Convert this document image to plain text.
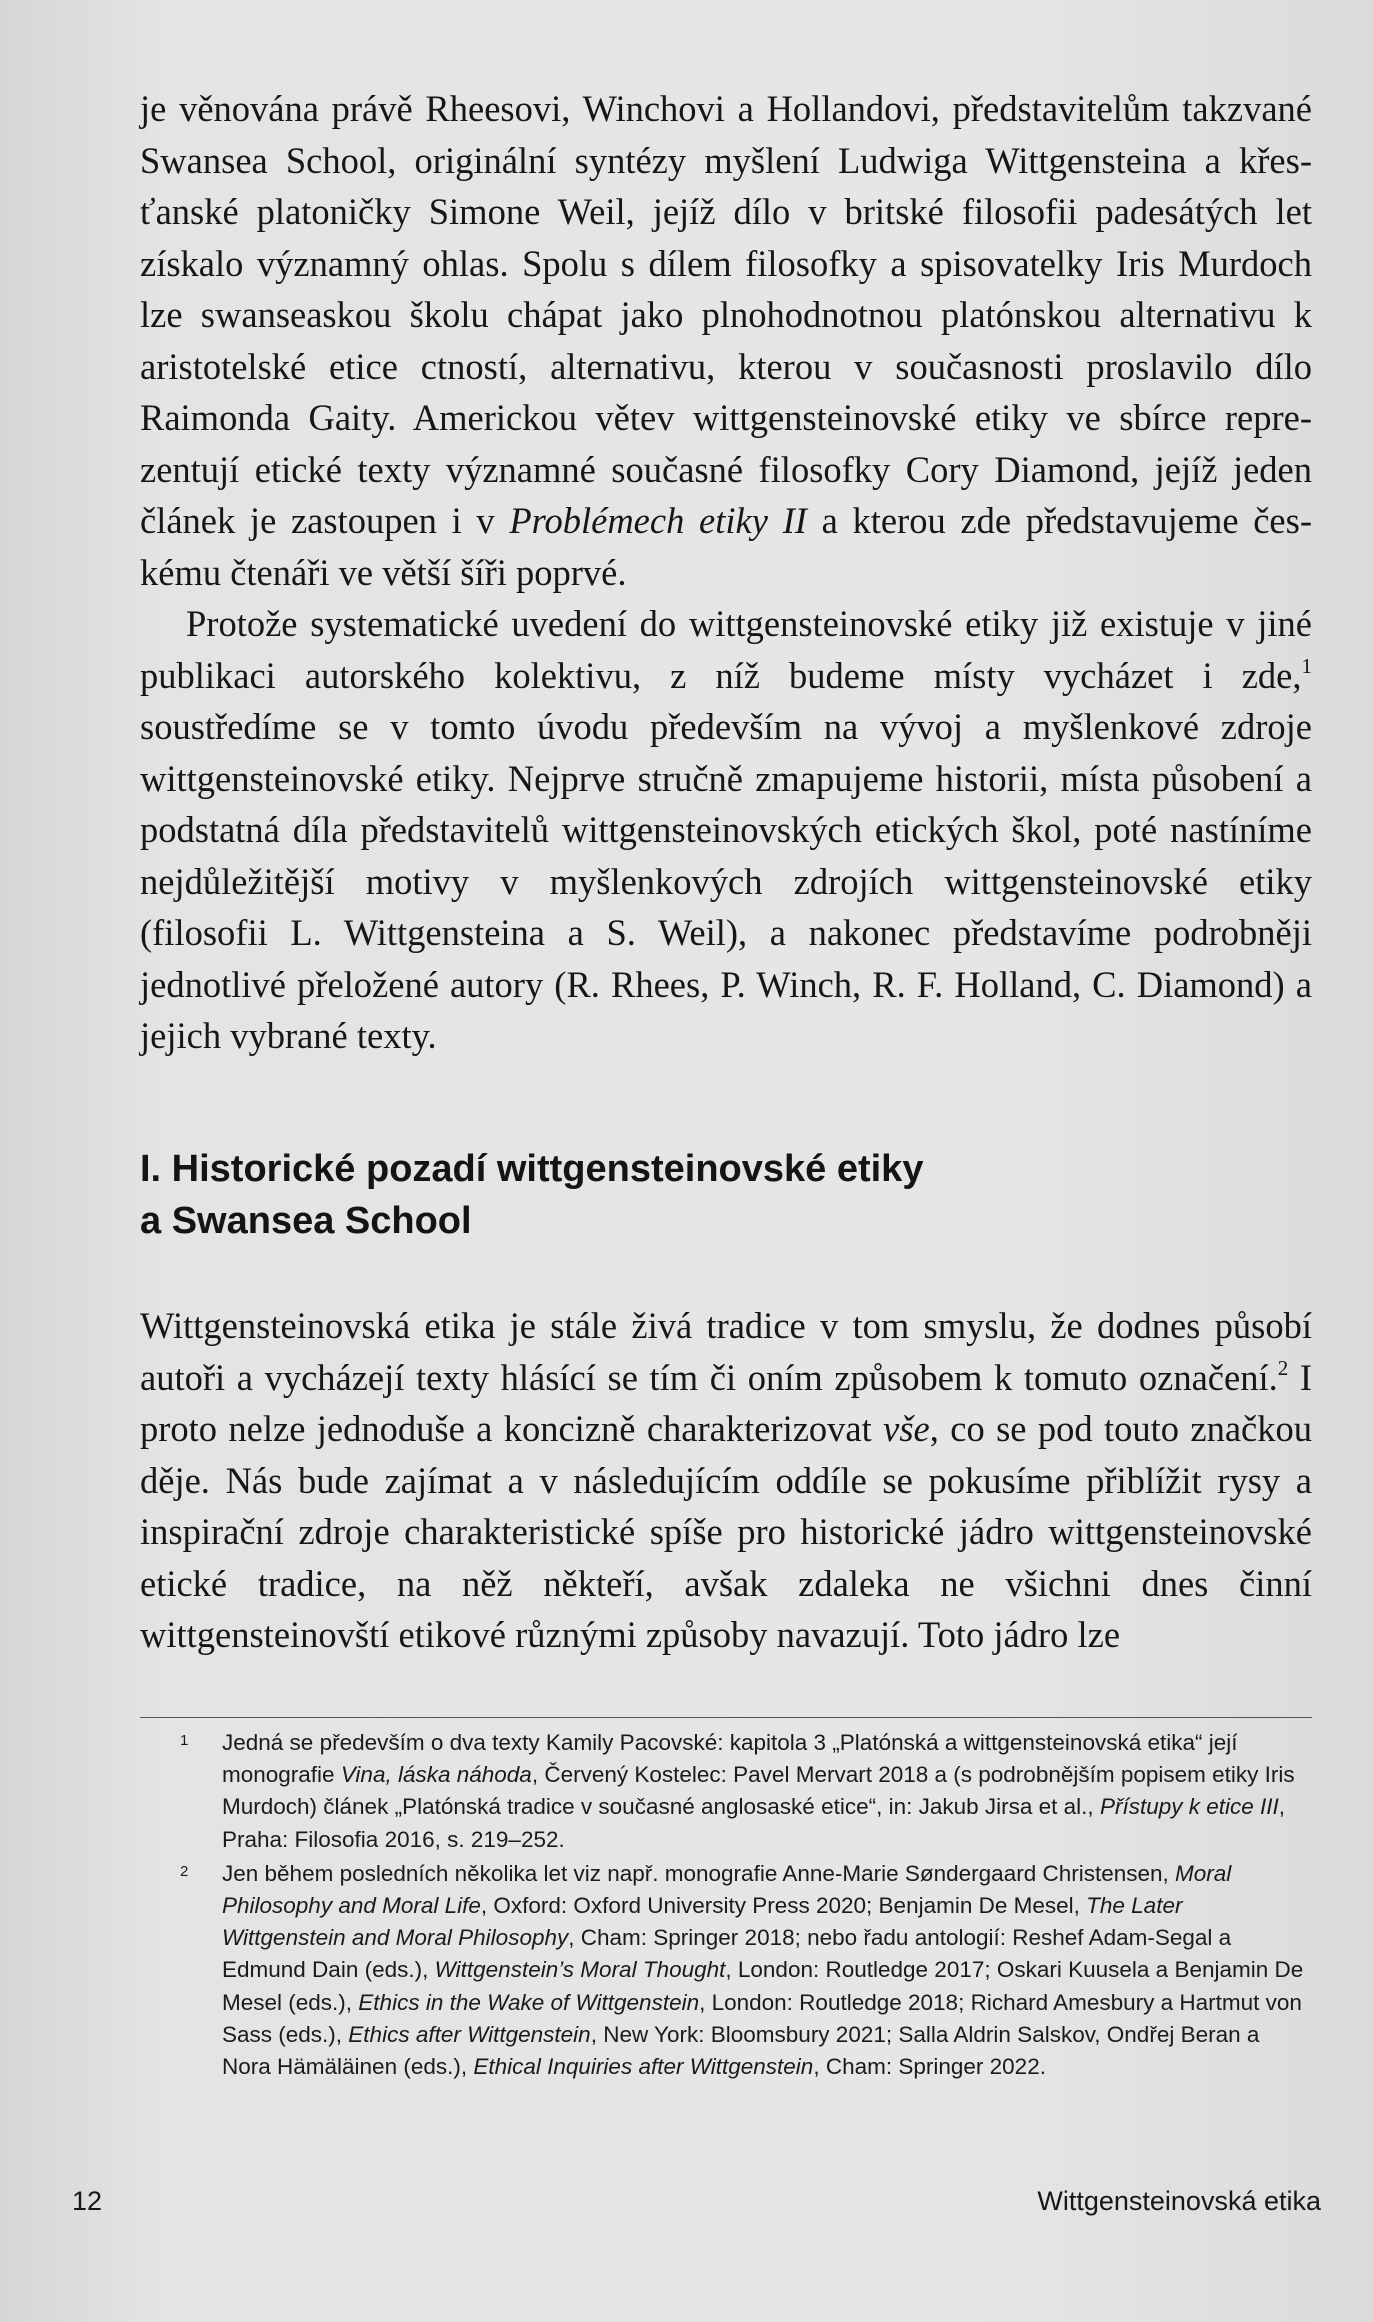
je věnována právě Rheesovi, Winchovi a Hollandovi, představitelům takzvané Swansea School, originální syntézy myšlení Ludwiga Wittgensteina a křesťanské platoničky Simone Weil, jejíž dílo v britské filosofii padesátých let získalo významný ohlas. Spolu s dílem filosofky a spisovatelky Iris Murdoch lze swanseaskou školu chápat jako plnohodnotnou platónskou alternativu k aristotelské etice ctností, alternativu, kterou v současnosti proslavilo dílo Raimonda Gaity. Americkou větev wittgensteinovské etiky ve sbírce reprezentují etické texty významné současné filosofky Cory Diamond, jejíž jeden článek je zastoupen i v Problémech etiky II a kterou zde představujeme českému čtenáři ve větší šíři poprvé.

Protože systematické uvedení do wittgensteinovské etiky již existuje v jiné publikaci autorského kolektivu, z níž budeme místy vycházet i zde,$^1$ soustředíme se v tomto úvodu především na vývoj a myšlenkové zdroje wittgensteinovské etiky. Nejprve stručně zmapujeme historii, místa působení a podstatná díla představitelů wittgensteinovských etických škol, poté nastíníme nejdůležitější motivy v myšlenkových zdrojích wittgensteinovské etiky (filosofii L. Wittgensteina a S. Weil), a nakonec představíme podrobněji jednotlivé přeložené autory (R. Rhees, P. Winch, R. F. Holland, C. Diamond) a jejich vybrané texty.

I. Historické pozadí wittgensteinovské etiky
a Swansea School

Wittgensteinovská etika je stále živá tradice v tom smyslu, že dodnes působí autoři a vycházejí texty hlásící se tím či oním způsobem k tomuto označení.$^2$ I proto nelze jednoduše a koncizně charakterizovat vše, co se pod touto značkou děje. Nás bude zajímat a v následujícím oddíle se pokusíme přiblížit rysy a inspirační zdroje charakteristické spíše pro historické jádro wittgensteinovské etické tradice, na něž někteří, avšak zdaleka ne všichni dnes činní wittgensteinovští etikové různými způsoby navazují. Toto jádro lze

1	Jedná se především o dva texty Kamily Pacovské: kapitola 3 „Platónská a wittgensteinovská etika“ její monografie Vina, láska náhoda, Červený Kostelec: Pavel Mervart 2018 a (s podrobnějším popisem etiky Iris Murdoch) článek „Platónská tradice v současné anglosaské etice“, in: Jakub Jirsa et al., Přístupy k etice III, Praha: Filosofia 2016, s. 219–252.
2	Jen během posledních několika let viz např. monografie Anne-Marie Søndergaard Christensen, Moral Philosophy and Moral Life, Oxford: Oxford University Press 2020; Benjamin De Mesel, The Later Wittgenstein and Moral Philosophy, Cham: Springer 2018; nebo řadu antologií: Reshef Adam-Segal a Edmund Dain (eds.), Wittgenstein’s Moral Thought, London: Routledge 2017; Oskari Kuusela a Benjamin De Mesel (eds.), Ethics in the Wake of Wittgenstein, London: Routledge 2018; Richard Amesbury a Hartmut von Sass (eds.), Ethics after Wittgenstein, New York: Bloomsbury 2021; Salla Aldrin Salskov, Ondřej Beran a Nora Hämäläinen (eds.), Ethical Inquiries after Wittgenstein, Cham: Springer 2022.
12	Wittgensteinovská etika
